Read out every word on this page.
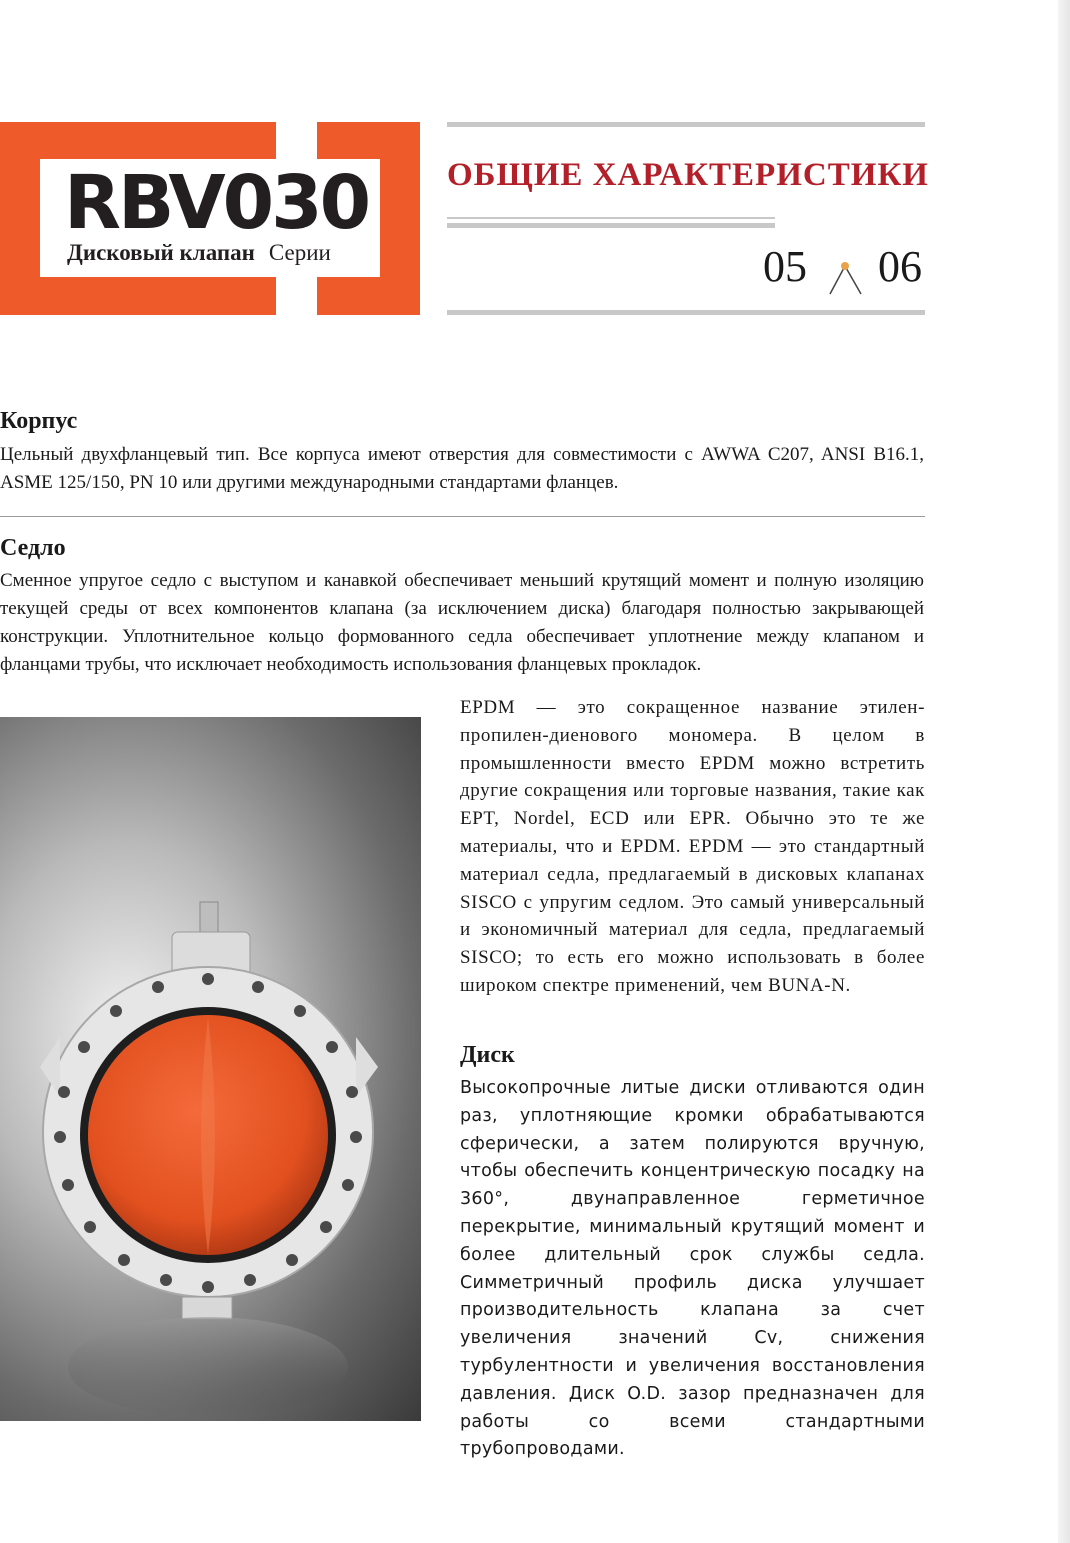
RBV030
Дисковый клапан Серии
ОБЩИЕ ХАРАКТЕРИСТИКИ
05 06
Корпус
Цельный двухфланцевый тип. Все корпуса имеют отверстия для совместимости с AWWA C207, ANSI B16.1, ASME 125/150, PN 10 или другими международными стандартами фланцев.
Седло
Сменное упругое седло с выступом и канавкой обеспечивает меньший крутящий момент и полную изоляцию текущей среды от всех компонентов клапана (за исключением диска) благодаря полностью закрывающей конструкции. Уплотнительное кольцо формованного седла обеспечивает уплотнение между клапаном и фланцами трубы, что исключает необходимость использования фланцевых прокладок.
EPDM — это сокращенное название этилен-пропилен-диенового мономера. В целом в промышленности вместо EPDM можно встретить другие сокращения или торговые названия, такие как EPT, Nordel, ECD или EPR. Обычно это те же материалы, что и EPDM. EPDM — это стандартный материал седла, предлагаемый в дисковых клапанах SISCO с упругим седлом. Это самый универсальный и экономичный материал для седла, предлагаемый SISCO; то есть его можно использовать в более широком спектре применений, чем BUNA-N.
Диск
Высокопрочные литые диски отливаются один раз, уплотняющие кромки обрабатываются сферически, а затем полируются вручную, чтобы обеспечить концентрическую посадку на 360°, двунаправленное герметичное перекрытие, минимальный крутящий момент и более длительный срок службы седла. Симметричный профиль диска улучшает производительность клапана за счет увеличения значений Cv, снижения турбулентности и увеличения восстановления давления. Диск O.D. зазор предназначен для работы со всеми стандартными трубопроводами.
